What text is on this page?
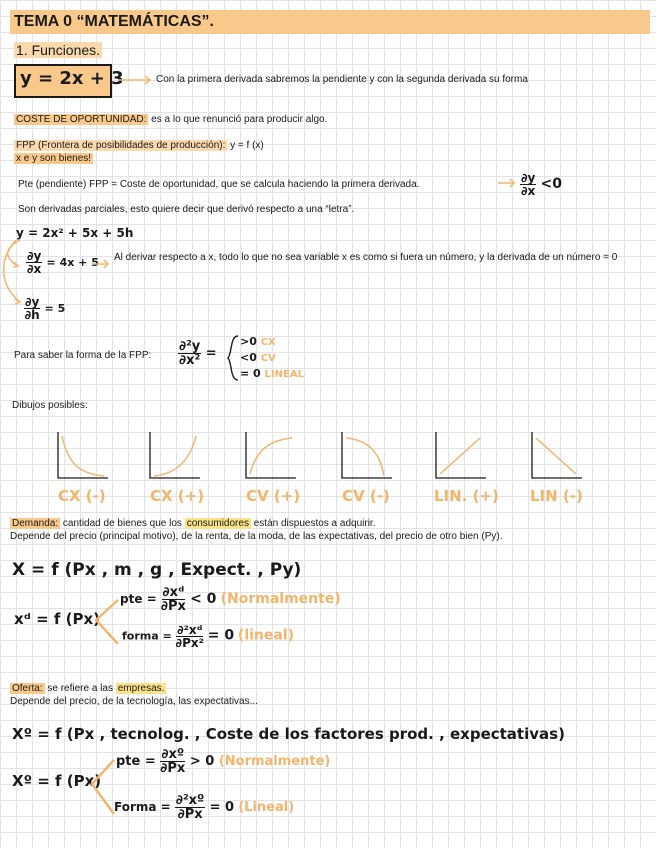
TEMA 0 “MATEMÁTICAS”.
1. Funciones.
y = 2x + 3	Con la primera derivada sabremos la pendiente y con la segunda derivada su forma
COSTE DE OPORTUNIDAD: es a lo que renunció para producir algo.
FPP (Frontera de posibilidades de producción): y = f (x)
x e y son bienes!
Pte (pendiente) FPP = Coste de oportunidad, que se calcula haciendo la primera derivada.	$\frac{\partial y}{\partial x} <0$
Son derivadas parciales, esto quiere decir que derivó respecto a una “letra”.
y = 2x² + 5x + 5h
$\frac{\partial y}{\partial x} = 4x + 5$ Al derivar respecto a x, todo lo que no sea variable x es como si fuera un número, y la derivada de un número = 0
$\frac{\partial y}{\partial h} = 5$
Para saber la forma de la FPP: $\frac{\text{∂²y}}{\text{∂x²}}$ =
>0 CX
<0 CV
= 0 LINEAL
Dibujos posibles:
CX (-)	CX (+)	CV (+)	CV (-)	LIN. (+) LIN (-)
Demanda: cantidad de bienes que los consumidores están dispuestos a adquirir.
Depende del precio (principal motivo), de la renta, de la moda, de las expectativas, del precio de otro bien (Py).
X = f (Px , m , g , Expect. , Py)
xᵈ = f (Px)
pte = $\frac{\text{∂xᵈ}}{\partial Px} < 0$ (Normalmente)
forma = $\frac{\text{∂²xᵈ}}{\text{∂Px²}} = 0$ (lineal)
Oferta: se refiere a las empresas.
Depende del precio, de la tecnología, las expectativas...
Xº = f (Px , tecnolog. , Coste de los factores prod. , expectativas)
Xº = f (Px)
pte = $\frac{\text{∂xº}}{\partial Px} > 0$ (Normalmente)
Forma = $\frac{\text{∂²xº}}{\partial Px} = 0$ (Lineal)
